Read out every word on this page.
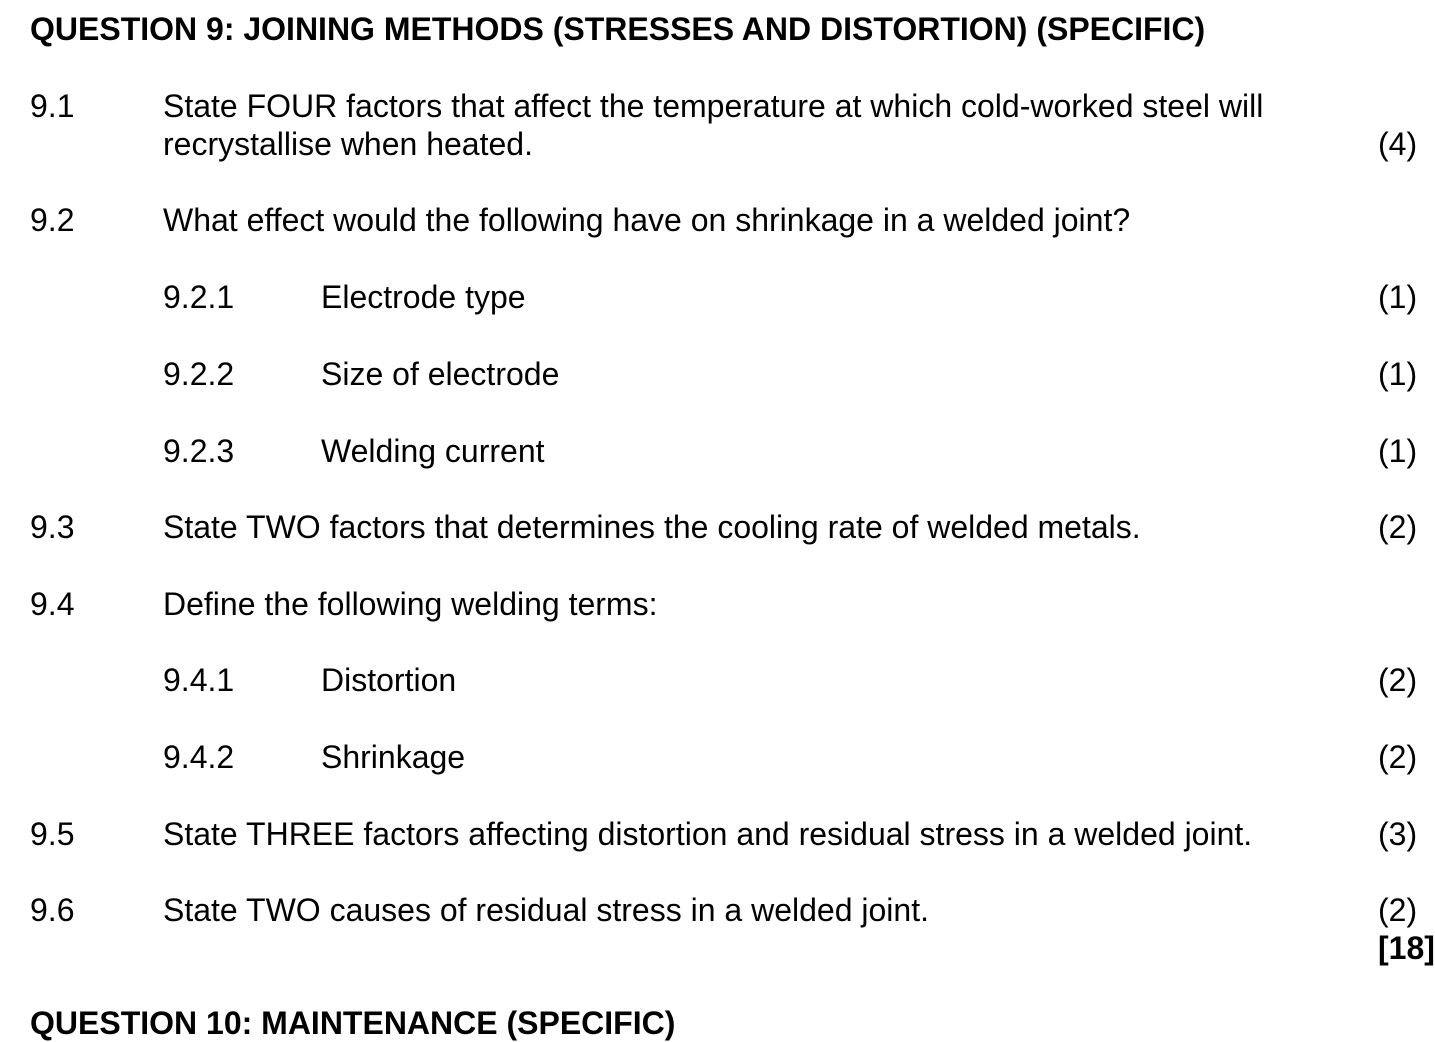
QUESTION 9: JOINING METHODS (STRESSES AND DISTORTION) (SPECIFIC)
9.1	State FOUR factors that affect the temperature at which cold-worked steel will
recrystallise when heated.	(4)
9.2	What effect would the following have on shrinkage in a welded joint?
9.2.1	Electrode type	(1)
9.2.2	Size of electrode	(1)
9.2.3	Welding current	(1)
9.3	State TWO factors that determines the cooling rate of welded metals.	(2)
9.4	Define the following welding terms:
9.4.1	Distortion	(2)
9.4.2	Shrinkage	(2)
9.5	State THREE factors affecting distortion and residual stress in a welded joint.	(3)
9.6	State TWO causes of residual stress in a welded joint.	(2)
[18]
QUESTION 10: MAINTENANCE (SPECIFIC)
